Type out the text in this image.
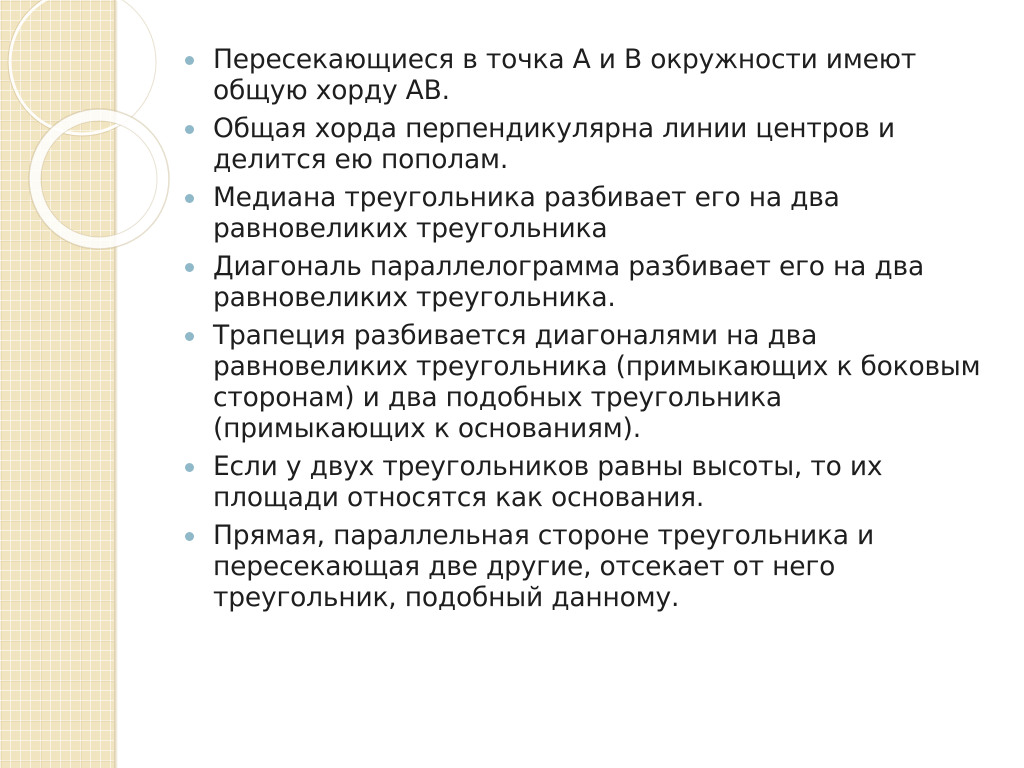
Пересекающиеся в точка A и B окружности имеют общую хорду AB.
Общая хорда перпендикулярна линии центров и делится ею пополам.
Медиана треугольника разбивает его на два равновеликих треугольника
Диагональ параллелограмма разбивает его на два равновеликих треугольника.
Трапеция разбивается диагоналями на два равновеликих треугольника (примыкающих к боковым сторонам) и два подобных треугольника (примыкающих к основаниям).
Если у двух треугольников равны высоты, то их площади относятся как основания.
Прямая, параллельная стороне треугольника и пересекающая две другие, отсекает от него треугольник, подобный данному.
